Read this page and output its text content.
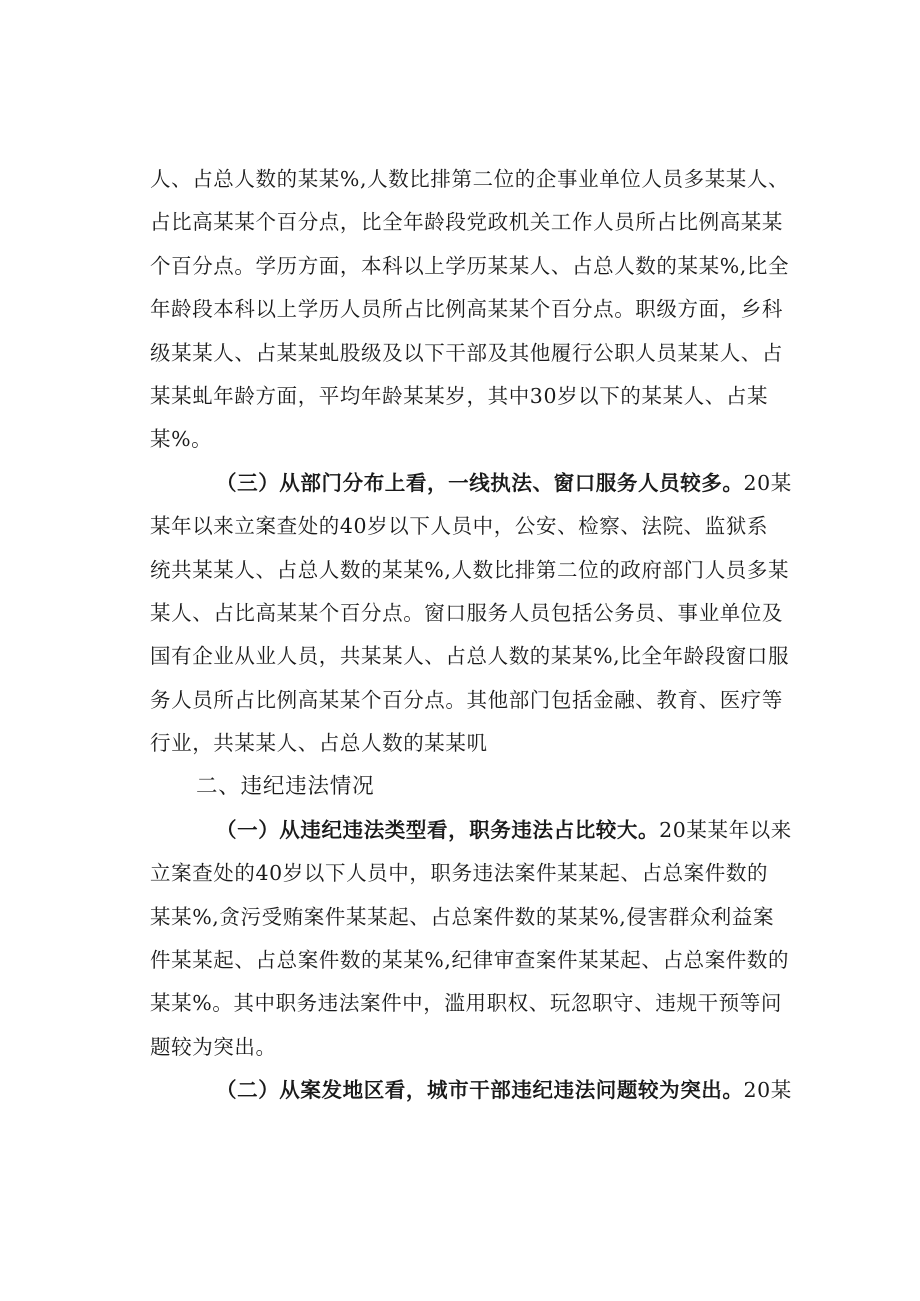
人、占总人数的某某%,人数比排第二位的企事业单位人员多某某人、
占比高某某个百分点，比全年龄段党政机关工作人员所占比例高某某
个百分点。学历方面，本科以上学历某某人、占总人数的某某%,比全
年龄段本科以上学历人员所占比例高某某个百分点。职级方面，乡科
级某某人、占某某虬股级及以下干部及其他履行公职人员某某人、占
某某虬年龄方面，平均年龄某某岁，其中30岁以下的某某人、占某
某%。
（三）从部门分布上看，一线执法、窗口服务人员较多。20某
某年以来立案查处的40岁以下人员中，公安、检察、法院、监狱系
统共某某人、占总人数的某某%,人数比排第二位的政府部门人员多某
某人、占比高某某个百分点。窗口服务人员包括公务员、事业单位及
国有企业从业人员，共某某人、占总人数的某某%,比全年龄段窗口服
务人员所占比例高某某个百分点。其他部门包括金融、教育、医疗等
行业，共某某人、占总人数的某某叽
二、违纪违法情况
（一）从违纪违法类型看，职务违法占比较大。20某某年以来
立案查处的40岁以下人员中，职务违法案件某某起、占总案件数的
某某%,贪污受贿案件某某起、占总案件数的某某%,侵害群众利益案
件某某起、占总案件数的某某%,纪律审查案件某某起、占总案件数的
某某%。其中职务违法案件中，滥用职权、玩忽职守、违规干预等问
题较为突出。
（二）从案发地区看，城市干部违纪违法问题较为突出。20某
